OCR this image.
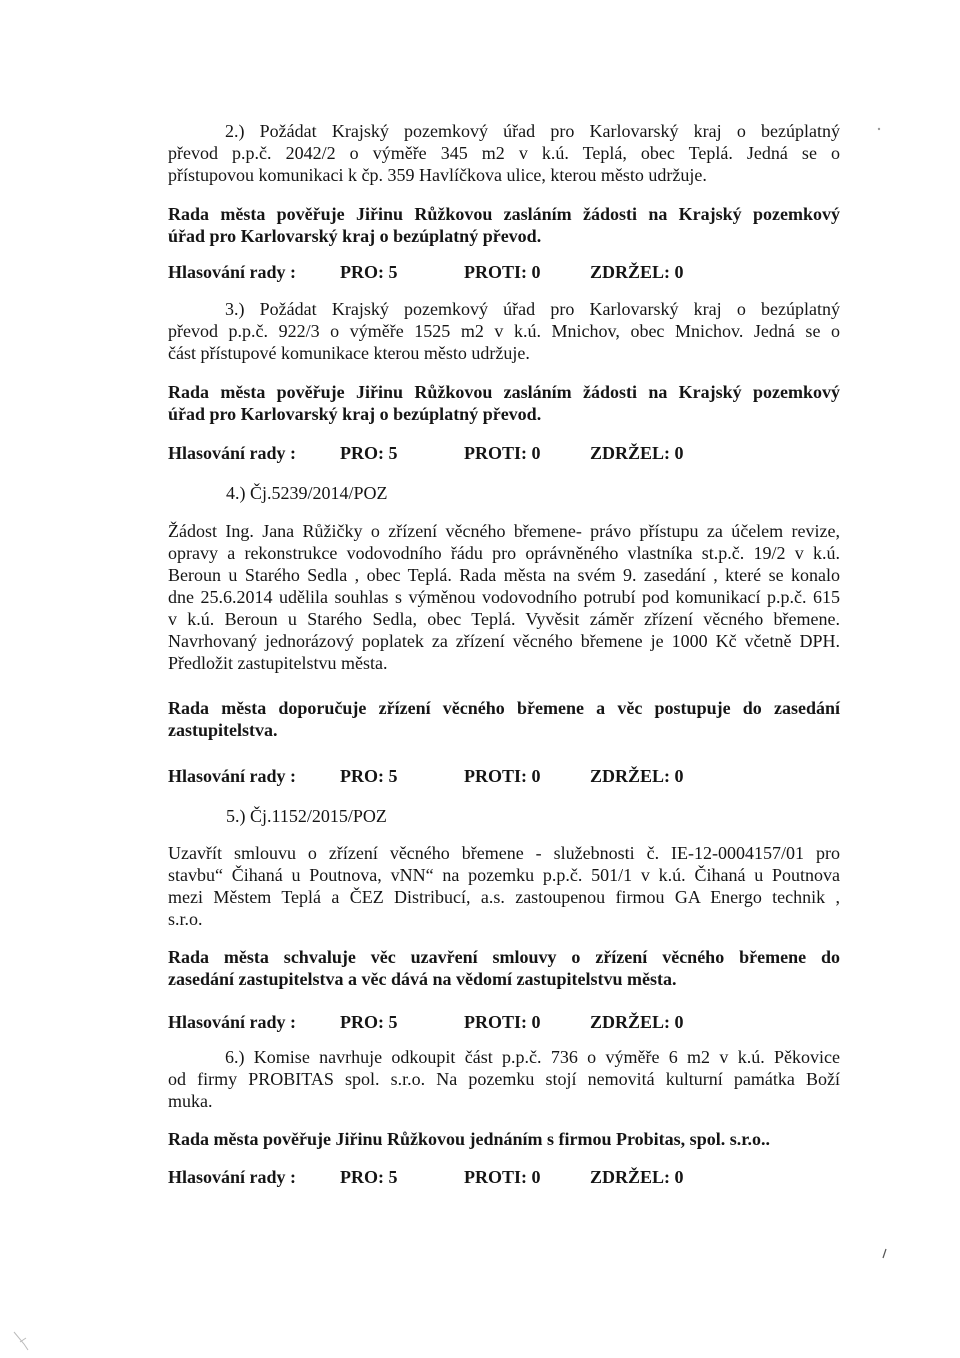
2.) Požádat Krajský pozemkový úřad pro Karlovarský kraj o bezúplatný
převod p.p.č. 2042/2 o výměře 345 m2 v k.ú. Teplá, obec Teplá. Jedná se o
přístupovou komunikaci k čp. 359 Havlíčkova ulice, kterou město udržuje.

Rada města pověřuje Jiřinu Růžkovou zasláním žádosti na Krajský pozemkový
úřad pro Karlovarský kraj o bezúplatný převod.

Hlasování rady : PRO: 5	PROTI: 0	ZDRŽEL: 0

3.) Požádat Krajský pozemkový úřad pro Karlovarský kraj o bezúplatný
převod p.p.č. 922/3 o výměře 1525 m2 v k.ú. Mnichov, obec Mnichov. Jedná se o
část přístupové komunikace kterou město udržuje.

Rada města pověřuje Jiřinu Růžkovou zasláním žádosti na Krajský pozemkový
úřad pro Karlovarský kraj o bezúplatný převod.

Hlasování rady : PRO: 5	PROTI: 0	ZDRŽEL: 0
4.) Čj.5239/2014/POZ

Žádost Ing. Jana Růžičky o zřízení věcného břemene- právo přístupu za účelem revize,
opravy a rekonstrukce vodovodního řádu pro oprávněného vlastníka st.p.č. 19/2 v k.ú.
Beroun u Starého Sedla , obec Teplá. Rada města na svém 9. zasedání , které se konalo
dne 25.6.2014 udělila souhlas s výměnou vodovodního potrubí pod komunikací p.p.č. 615
v k.ú. Beroun u Starého Sedla, obec Teplá. Vyvěsit záměr zřízení věcného břemene.
Navrhovaný jednorázový poplatek za zřízení věcného břemene je 1000 Kč včetně DPH.
Předložit zastupitelstvu města.

Rada města doporučuje zřízení věcného břemene a věc postupuje do zasedání
zastupitelstva.

Hlasování rady : PRO: 5	PROTI: 0	ZDRŽEL: 0
5.) Čj.1152/2015/POZ

Uzavřít smlouvu o zřízení věcného břemene - služebnosti č. IE-12-0004157/01 pro
stavbu“ Čihaná u Poutnova, vNN“ na pozemku p.p.č. 501/1 v k.ú. Čihaná u Poutnova
mezi Městem Teplá a ČEZ Distribucí, a.s. zastoupenou firmou GA Energo technik ,
s.r.o.

Rada města schvaluje věc uzavření smlouvy o zřízení věcného břemene do
zasedání zastupitelstva a věc dává na vědomí zastupitelstvu města.

Hlasování rady : PRO: 5	PROTI: 0	ZDRŽEL: 0

6.) Komise navrhuje odkoupit část p.p.č. 736 o výměře 6 m2 v k.ú. Pěkovice
od firmy PROBITAS spol. s.r.o. Na pozemku stojí nemovitá kulturní památka Boží
muka.

Rada města pověřuje Jiřinu Růžkovou jednáním s firmou Probitas, spol. s.r.o..

Hlasování rady : PRO: 5	PROTI: 0	ZDRŽEL: 0
